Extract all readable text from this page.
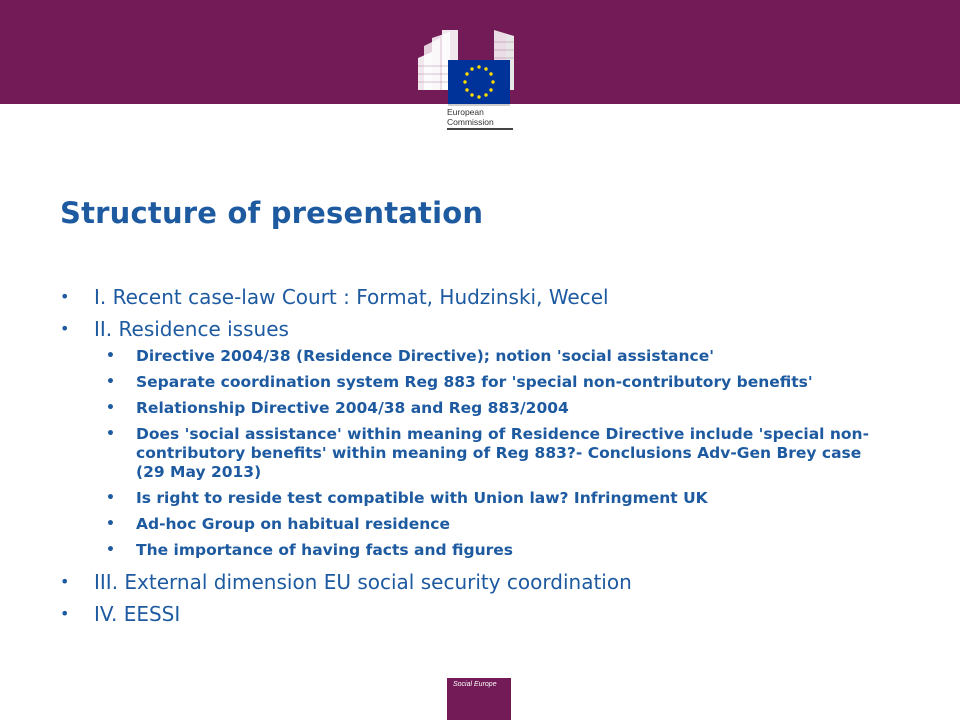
European
Commission
Structure of presentation
• I. Recent case-law Court : Format, Hudzinski, Wecel
• II. Residence issues
• Directive 2004/38 (Residence Directive); notion 'social assistance'
• Separate coordination system Reg 883 for 'special non-contributory benefits'
• Relationship Directive 2004/38 and Reg 883/2004
• Does 'social assistance' within meaning of Residence Directive include 'special non-contributory benefits' within meaning of Reg 883?- Conclusions Adv-Gen Brey case (29 May 2013)
• Is right to reside test compatible with Union law? Infringment UK
• Ad-hoc Group on habitual residence
• The importance of having facts and figures
• III. External dimension EU social security coordination
• IV. EESSI
Social Europe
